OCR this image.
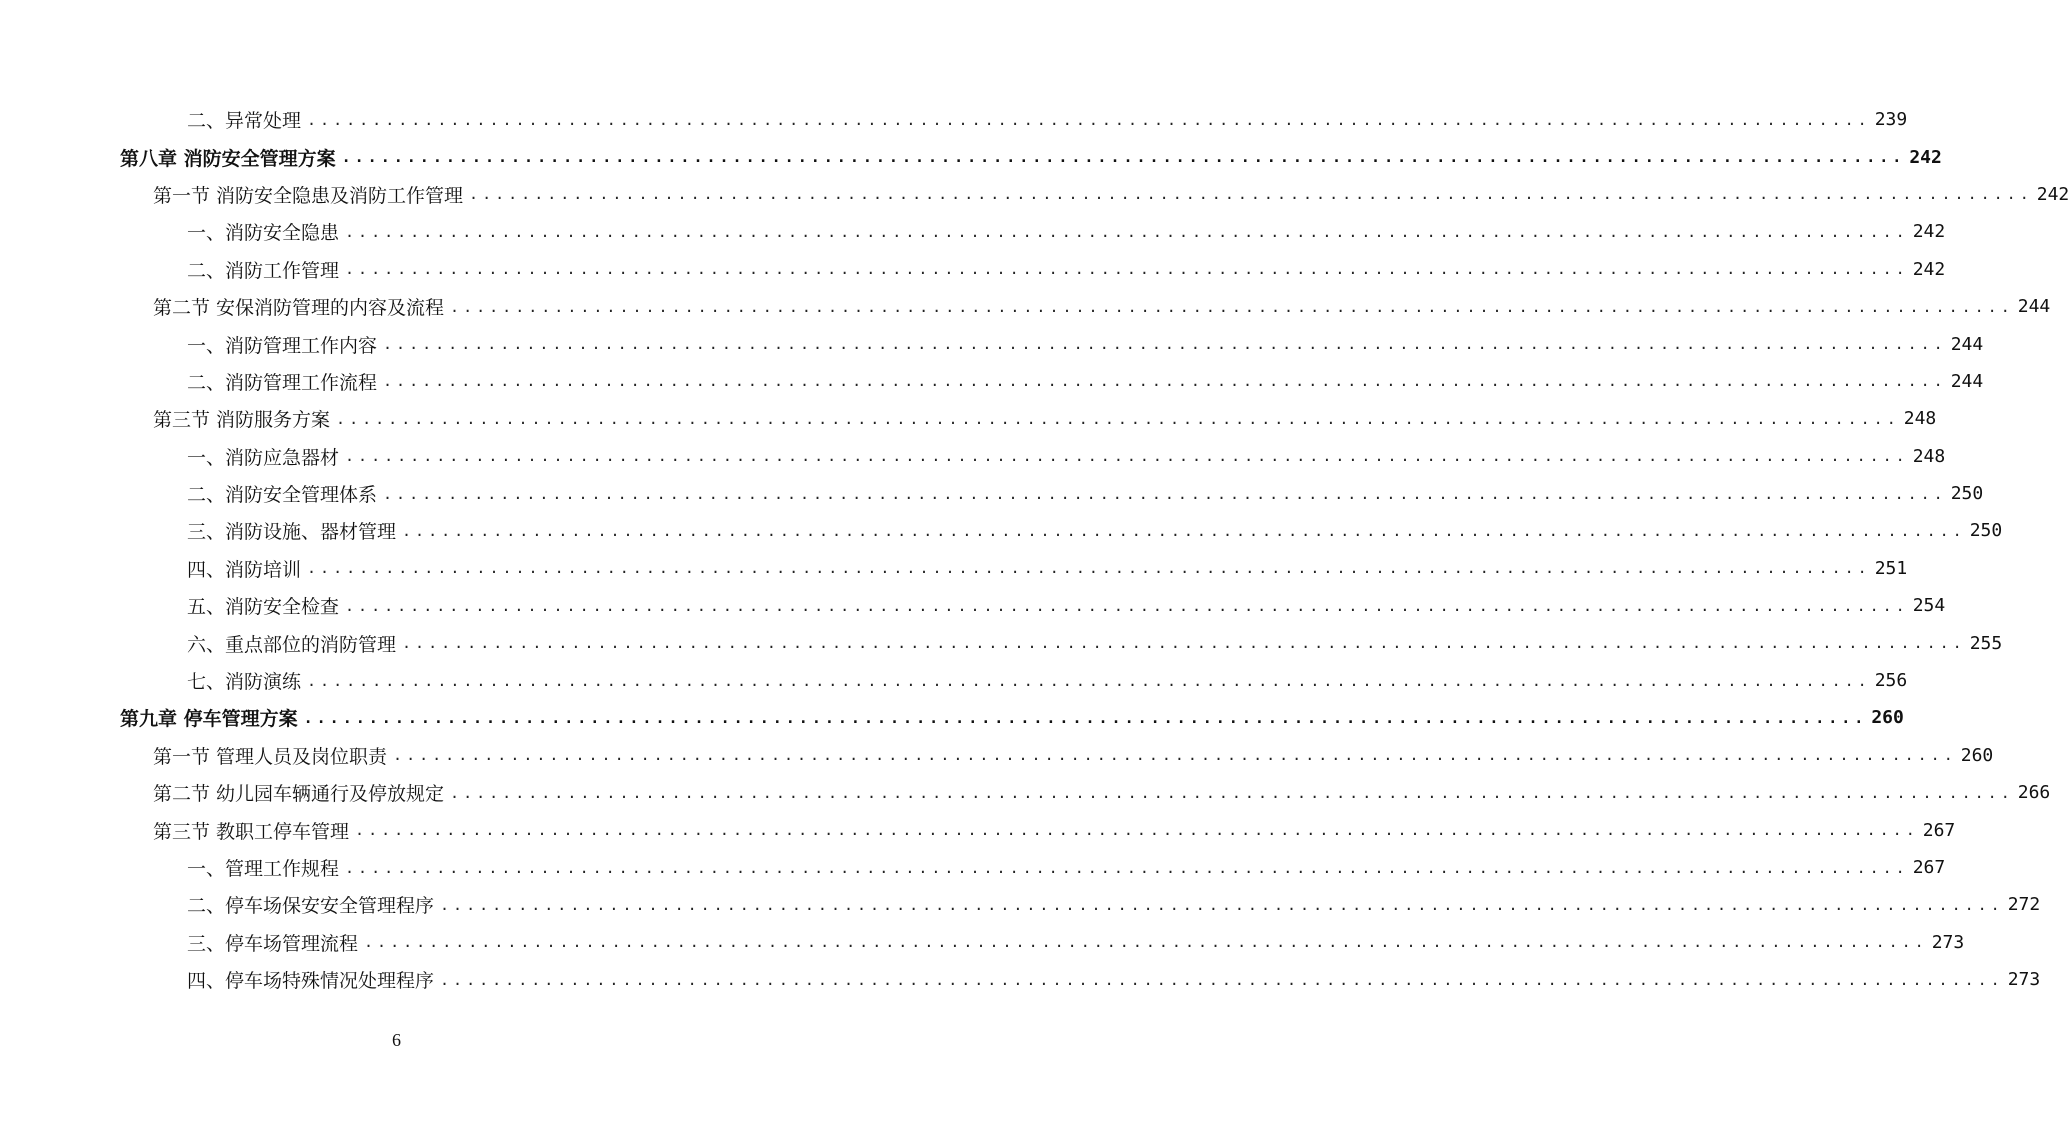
二、异常处理 ........................................................................................................................ 239
第八章 消防安全管理方案 ........................................................................................................................ 242
第一节 消防安全隐患及消防工作管理 ........................................................................................................................ 242
一、消防安全隐患 ........................................................................................................................ 242
二、消防工作管理 ........................................................................................................................ 242
第二节 安保消防管理的内容及流程 ........................................................................................................................ 244
一、消防管理工作内容 ........................................................................................................................ 244
二、消防管理工作流程 ........................................................................................................................ 244
第三节 消防服务方案 ........................................................................................................................ 248
一、消防应急器材 ........................................................................................................................ 248
二、消防安全管理体系 ........................................................................................................................ 250
三、消防设施、器材管理 ........................................................................................................................ 250
四、消防培训 ........................................................................................................................ 251
五、消防安全检查 ........................................................................................................................ 254
六、重点部位的消防管理 ........................................................................................................................ 255
七、消防演练 ........................................................................................................................ 256
第九章 停车管理方案 ........................................................................................................................ 260
第一节 管理人员及岗位职责 ........................................................................................................................ 260
第二节 幼儿园车辆通行及停放规定 ........................................................................................................................ 266
第三节 教职工停车管理 ........................................................................................................................ 267
一、管理工作规程 ........................................................................................................................ 267
二、停车场保安安全管理程序 ........................................................................................................................ 272
三、停车场管理流程 ........................................................................................................................ 273
四、停车场特殊情况处理程序 ........................................................................................................................ 273
6
